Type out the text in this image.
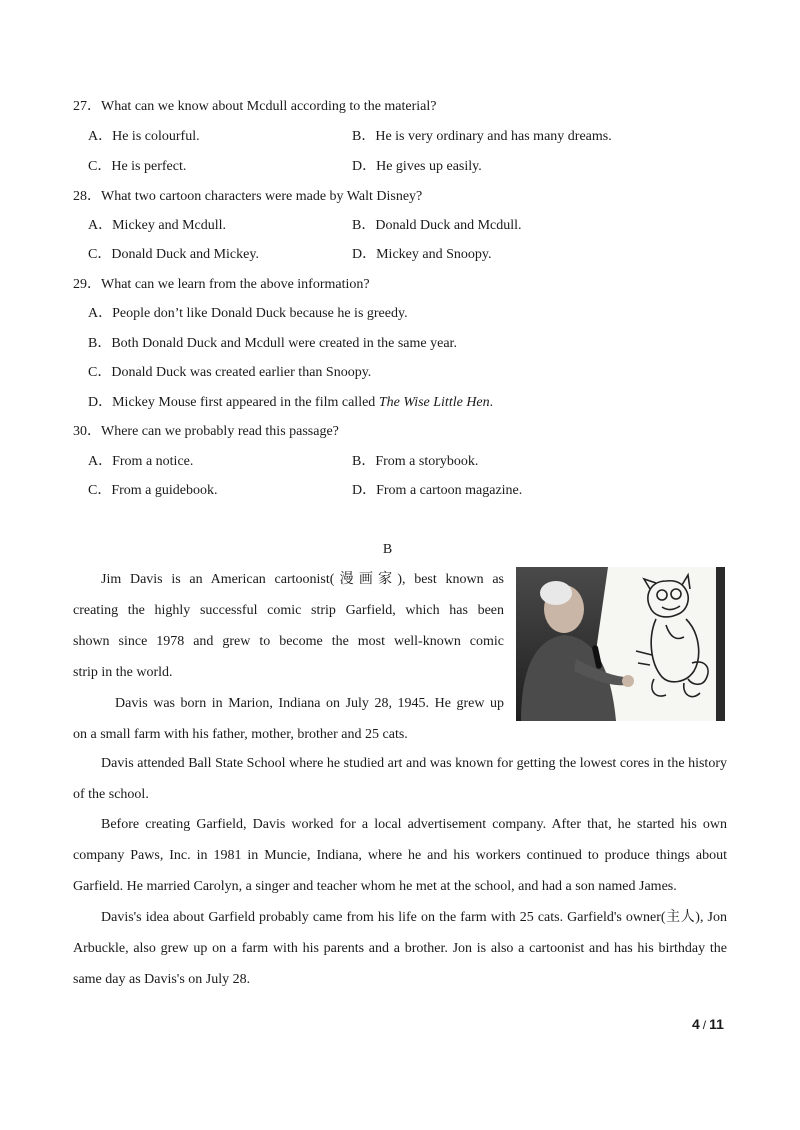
27．What can we know about Mcdull according to the material?
A．He is colourful.	B．He is very ordinary and has many dreams.
C．He is perfect.	D．He gives up easily.
28．What two cartoon characters were made by Walt Disney?
A．Mickey and Mcdull.	B．Donald Duck and Mcdull.
C．Donald Duck and Mickey.	D．Mickey and Snoopy.
29．What can we learn from the above information?
A．People don’t like Donald Duck because he is greedy.
B．Both Donald Duck and Mcdull were created in the same year.
C．Donald Duck was created earlier than Snoopy.
D．Mickey Mouse first appeared in the film called The Wise Little Hen.
30．Where can we probably read this passage?
A．From a notice.	B．From a storybook.
C．From a guidebook.	D．From a cartoon magazine.
B
Jim Davis is an American cartoonist(漫画家), best known as
creating the highly successful comic strip Garfield, which has been
shown since 1978 and grew to become the most well-known comic
strip in the world.
Davis was born in Marion, Indiana on July 28, 1945. He grew up
on a small farm with his father, mother, brother and 25 cats.
Davis attended Ball State School where he studied art and was known for getting the lowest cores in the history of the school.
Before creating Garfield, Davis worked for a local advertisement company. After that, he started his own company Paws, Inc. in 1981 in Muncie, Indiana, where he and his workers continued to produce things about Garfield. He married Carolyn, a singer and teacher whom he met at the school, and had a son named James.
Davis's idea about Garfield probably came from his life on the farm with 25 cats. Garfield's owner(主人), Jon Arbuckle, also grew up on a farm with his parents and a brother. Jon is also a cartoonist and has his birthday the same day as Davis's on July 28.
4 / 11
